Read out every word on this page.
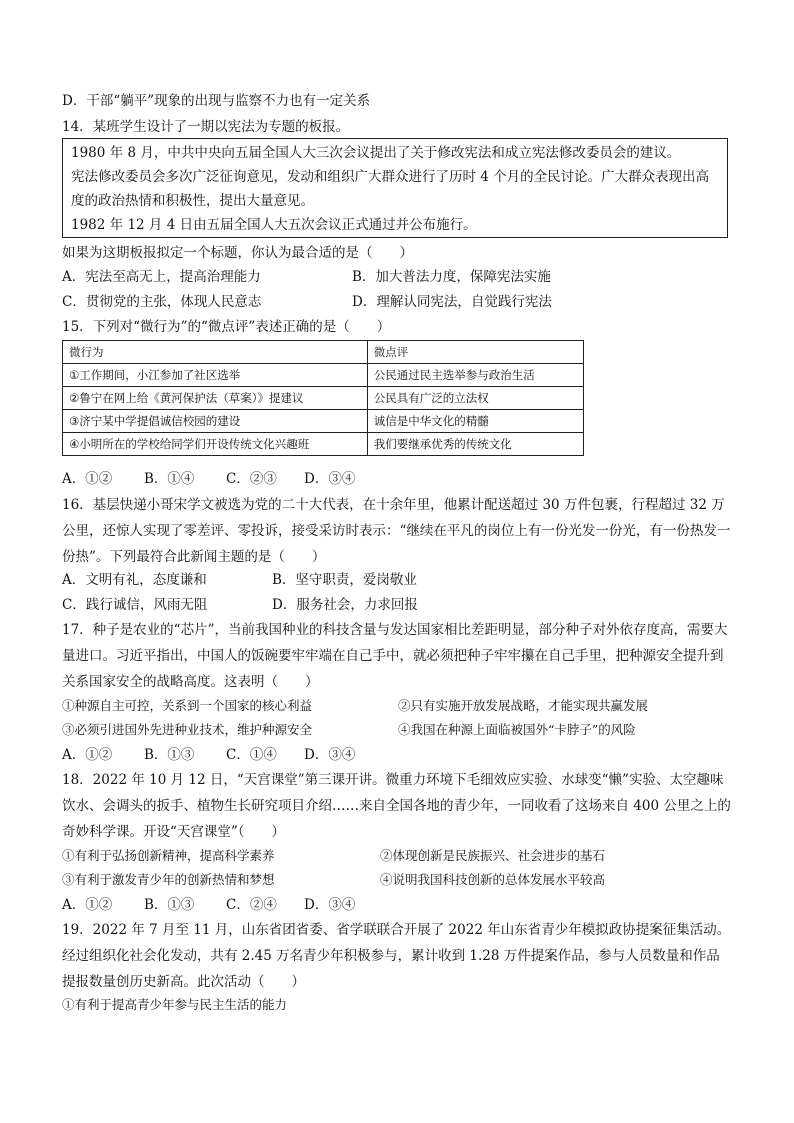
D．干部“躺平”现象的出现与监察不力也有一定关系
14．某班学生设计了一期以宪法为专题的板报。

1980 年 8 月，中共中央向五届全国人大三次会议提出了关于修改宪法和成立宪法修改委员会的建议。

宪法修改委员会多次广泛征询意见，发动和组织广大群众进行了历时 4 个月的全民讨论。广大群众表现出高度的政治热情和积极性，提出大量意见。

1982 年 12 月 4 日由五届全国人大五次会议正式通过并公布施行。

如果为这期板报拟定一个标题，你认为最合适的是（　　）
A．宪法至高无上，提高治理能力	B．加大普法力度，保障宪法实施
C．贯彻党的主张，体现人民意志	D．理解认同宪法，自觉践行宪法
15．下列对“微行为”的“微点评”表述正确的是（　　）
微行为	微点评
①工作期间，小江参加了社区选举	公民通过民主选举参与政治生活
②鲁宁在网上给《黄河保护法（草案）》提建议	公民具有广泛的立法权
③济宁某中学提倡诚信校园的建设	诚信是中华文化的精髓
④小明所在的学校给同学们开设传统文化兴趣班	我们要继承优秀的传统文化
A．①② B．①④ C．②③ D．③④
16．基层快递小哥宋学文被选为党的二十大代表，在十余年里，他累计配送超过 30 万件包裹，行程超过 32 万公里，还惊人实现了零差评、零投诉，接受采访时表示：“继续在平凡的岗位上有一份光发一份光，有一份热发一份热”。下列最符合此新闻主题的是（　　）
A．文明有礼，态度谦和	B．坚守职责，爱岗敬业
C．践行诚信，风雨无阻	D．服务社会，力求回报
17．种子是农业的“芯片”，当前我国种业的科技含量与发达国家相比差距明显，部分种子对外依存度高，需要大量进口。习近平指出，中国人的饭碗要牢牢端在自己手中，就必须把种子牢牢攥在自己手里，把种源安全提升到关系国家安全的战略高度。这表明（　　）
①种源自主可控，关系到一个国家的核心利益	②只有实施开放发展战略，才能实现共赢发展
③必须引进国外先进种业技术，维护种源安全	④我国在种源上面临被国外“卡脖子”的风险
A．①② B．①③ C．①④ D．③④
18．2022 年 10 月 12 日，“天宫课堂”第三课开讲。微重力环境下毛细效应实验、水球变“懒”实验、太空趣味饮水、会调头的扳手、植物生长研究项目介绍……来自全国各地的青少年，一同收看了这场来自 400 公里之上的奇妙科学课。开设“天宫课堂”（　　）
①有利于弘扬创新精神，提高科学素养	②体现创新是民族振兴、社会进步的基石
③有利于激发青少年的创新热情和梦想	④说明我国科技创新的总体发展水平较高
A．①② B．①③ C．②④ D．③④
19．2022 年 7 月至 11 月，山东省团省委、省学联联合开展了 2022 年山东省青少年模拟政协提案征集活动。经过组织化社会化发动，共有 2.45 万名青少年积极参与，累计收到 1.28 万件提案作品，参与人员数量和作品提报数量创历史新高。此次活动（　　）
①有利于提高青少年参与民主生活的能力
